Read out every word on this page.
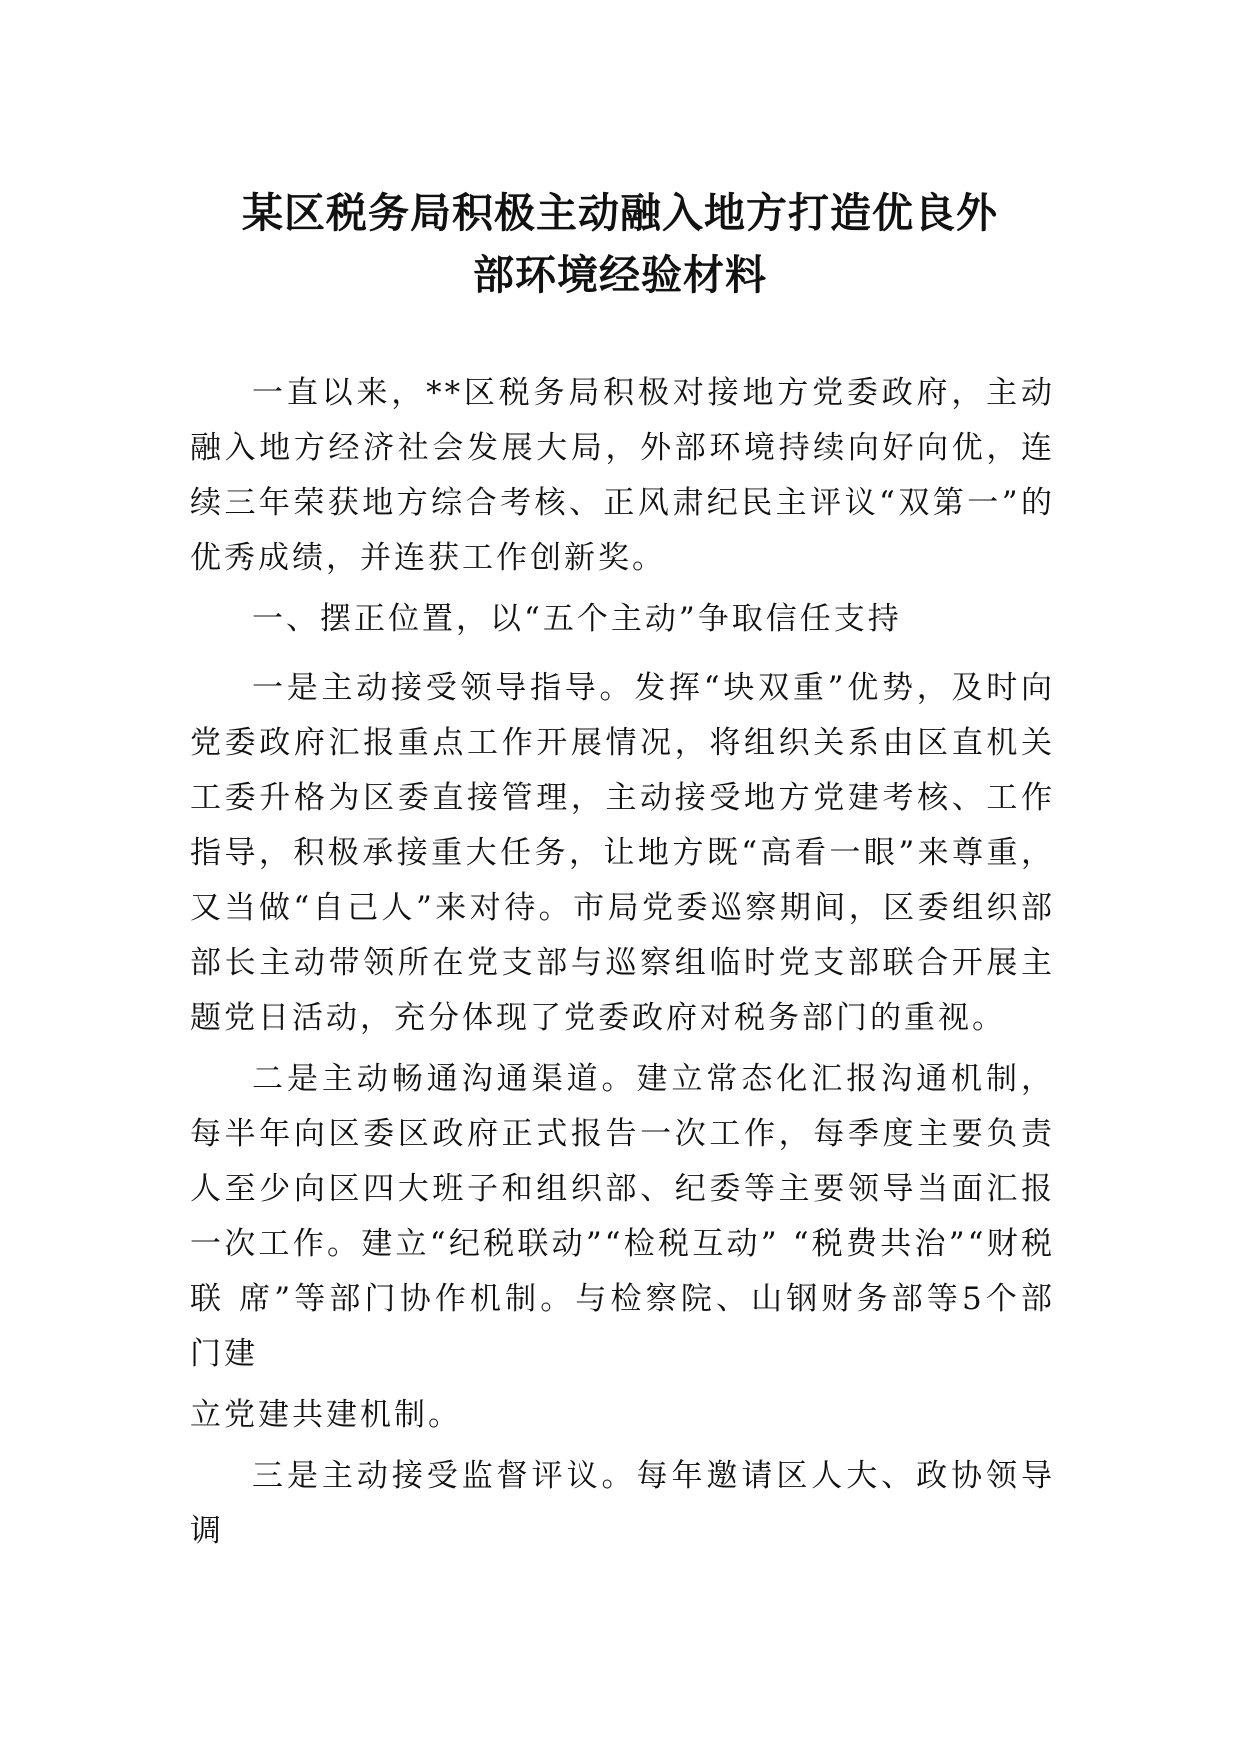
某区税务局积极主动融入地方打造优良外
部环境经验材料

一直以来，**区税务局积极对接地方党委政府，主动融入地方经济社会发展大局，外部环境持续向好向优，连续三年荣获地方综合考核、正风肃纪民主评议“双第一”的优秀成绩，并连获工作创新奖。

一、摆正位置，以“五个主动”争取信任支持

一是主动接受领导指导。发挥“块双重”优势，及时向党委政府汇报重点工作开展情况，将组织关系由区直机关工委升格为区委直接管理，主动接受地方党建考核、工作指导，积极承接重大任务，让地方既“高看一眼”来尊重，又当做“自己人”来对待。市局党委巡察期间，区委组织部部长主动带领所在党支部与巡察组临时党支部联合开展主题党日活动，充分体现了党委政府对税务部门的重视。

二是主动畅通沟通渠道。建立常态化汇报沟通机制，每半年向区委区政府正式报告一次工作，每季度主要负责人至少向区四大班子和组织部、纪委等主要领导当面汇报一次工作。建立“纪税联动”“检税互动” “税费共治”“财税联 席”等部门协作机制。与检察院、山钢财务部等5个部门建

立党建共建机制。

三是主动接受监督评议。每年邀请区人大、政协领导调
